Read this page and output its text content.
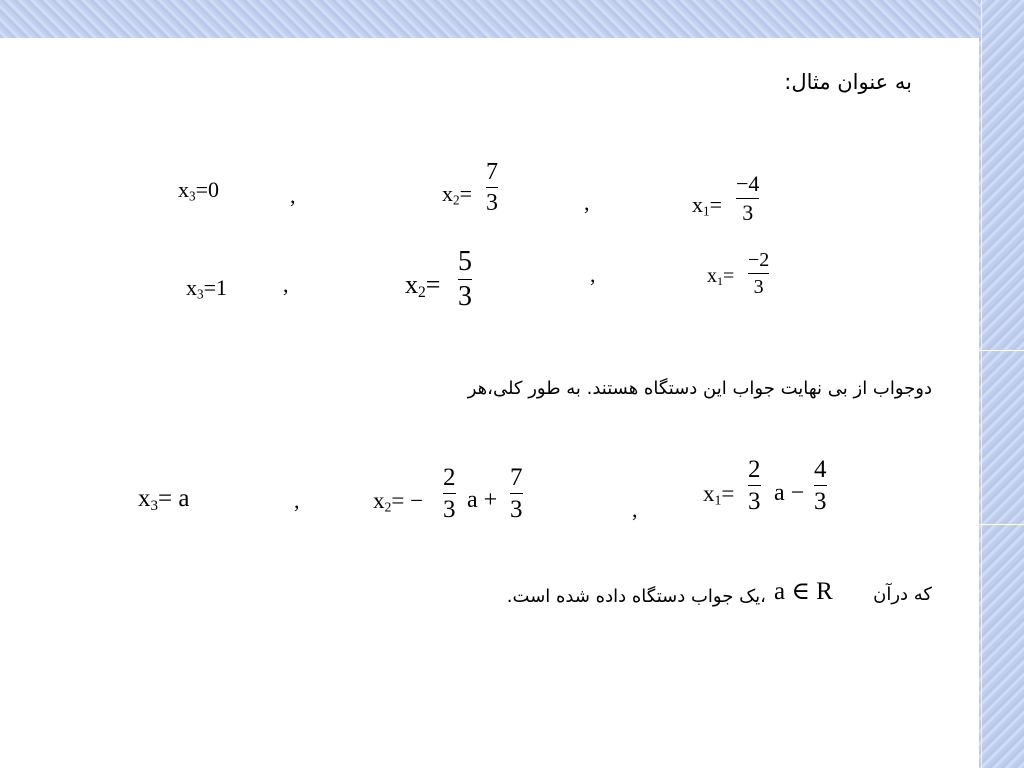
به عنوان مثال:
$x_1=$
−4
3
,
$x_2=$
7
3
,
$x_3=0$
$x_1=$
−2
3
,
$x_2=$
5
3
,
$x_3=1$
دوجواب از بی نهایت جواب این دستگاه هستند. به طور کلی،هر
$x_1=$
2
3 a −
4
3
,
$x_2=$ −
2
3 a +
7
3
,
$x_3= a$
که درآن
a ∈ R
،یک جواب دستگاه داده شده است.
